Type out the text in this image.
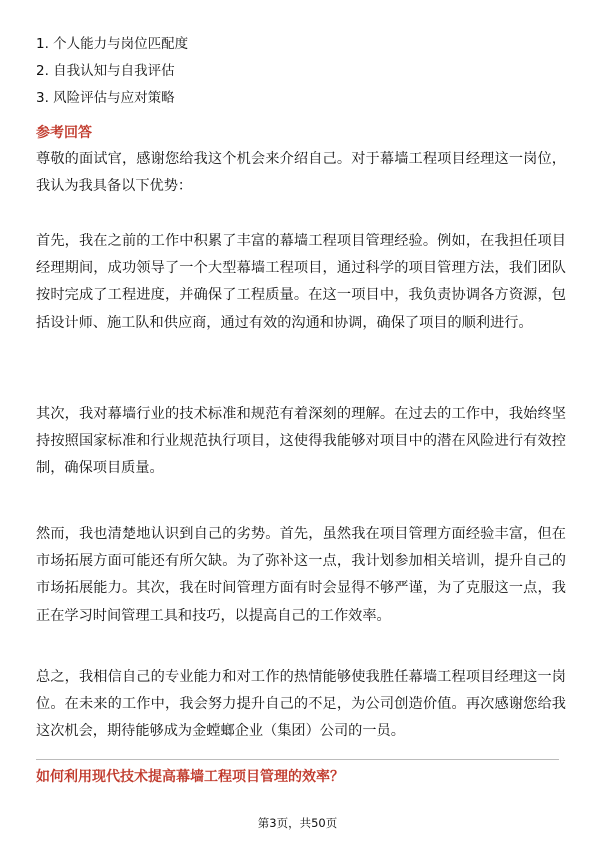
1. 个人能力与岗位匹配度
2. 自我认知与自我评估
3. 风险评估与应对策略
参考回答

尊敬的面试官，感谢您给我这个机会来介绍自己。对于幕墙工程项目经理这一岗位，我认为我具备以下优势：

首先，我在之前的工作中积累了丰富的幕墙工程项目管理经验。例如，在我担任项目经理期间，成功领导了一个大型幕墙工程项目，通过科学的项目管理方法，我们团队按时完成了工程进度，并确保了工程质量。在这一项目中，我负责协调各方资源，包括设计师、施工队和供应商，通过有效的沟通和协调，确保了项目的顺利进行。

其次，我对幕墙行业的技术标准和规范有着深刻的理解。在过去的工作中，我始终坚持按照国家标准和行业规范执行项目，这使得我能够对项目中的潜在风险进行有效控制，确保项目质量。

然而，我也清楚地认识到自己的劣势。首先，虽然我在项目管理方面经验丰富，但在市场拓展方面可能还有所欠缺。为了弥补这一点，我计划参加相关培训，提升自己的市场拓展能力。其次，我在时间管理方面有时会显得不够严谨，为了克服这一点，我正在学习时间管理工具和技巧，以提高自己的工作效率。

总之，我相信自己的专业能力和对工作的热情能够使我胜任幕墙工程项目经理这一岗位。在未来的工作中，我会努力提升自己的不足，为公司创造价值。再次感谢您给我这次机会，期待能够成为金螳螂企业（集团）公司的一员。

如何利用现代技术提高幕墙工程项目管理的效率？
第3页，共50页
